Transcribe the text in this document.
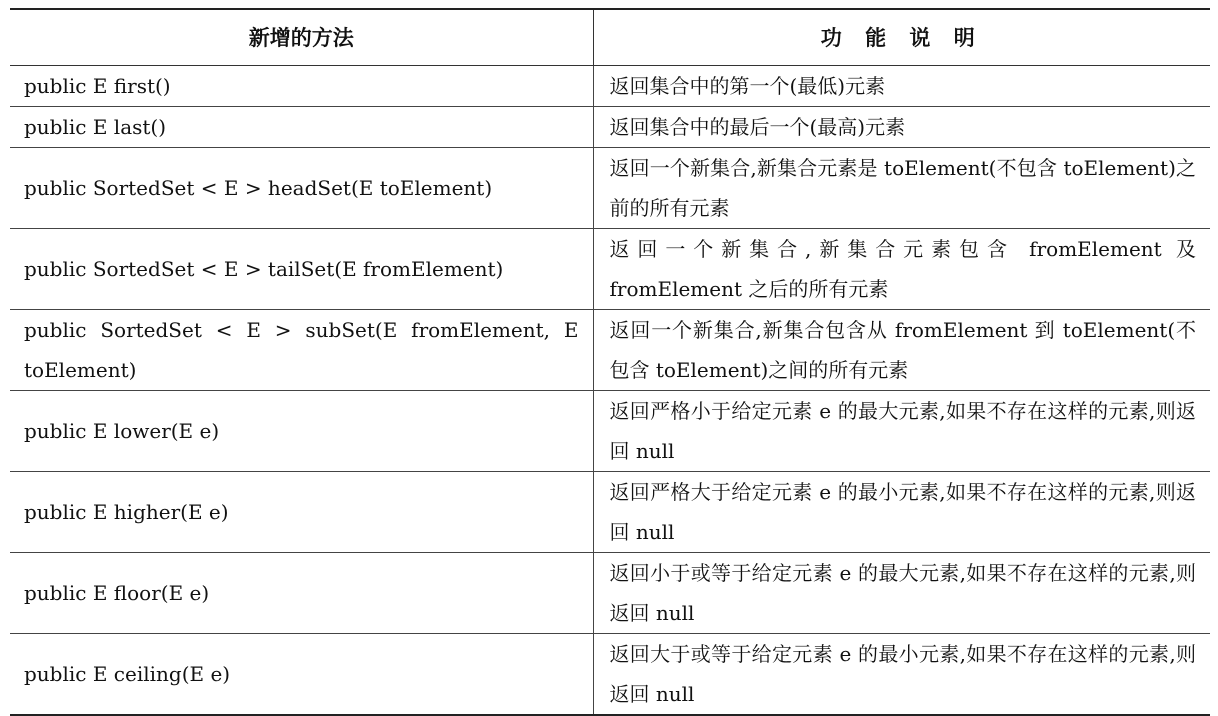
新增的方法	功 能 说 明
public E first()	返回集合中的第一个(最低)元素

public E last()	返回集合中的最后一个(最高)元素

public SortedSet < E > headSet(E toElement)	返回一个新集合,新集合元素是 toElement(不包含 toElement)之前的所有元素

public SortedSet < E > tailSet(E fromElement)	返回一个新集合,新集合元素包含 fromElement 及 fromElement 之后的所有元素

public SortedSet < E > subSet(E fromElement, E toElement)	返回一个新集合,新集合包含从 fromElement 到 toElement(不包含 toElement)之间的所有元素

public E lower(E e)	返回严格小于给定元素 e 的最大元素,如果不存在这样的元素,则返回 null

public E higher(E e)	返回严格大于给定元素 e 的最小元素,如果不存在这样的元素,则返回 null

public E floor(E e)	返回小于或等于给定元素 e 的最大元素,如果不存在这样的元素,则返回 null

public E ceiling(E e)	返回大于或等于给定元素 e 的最小元素,如果不存在这样的元素,则返回 null
